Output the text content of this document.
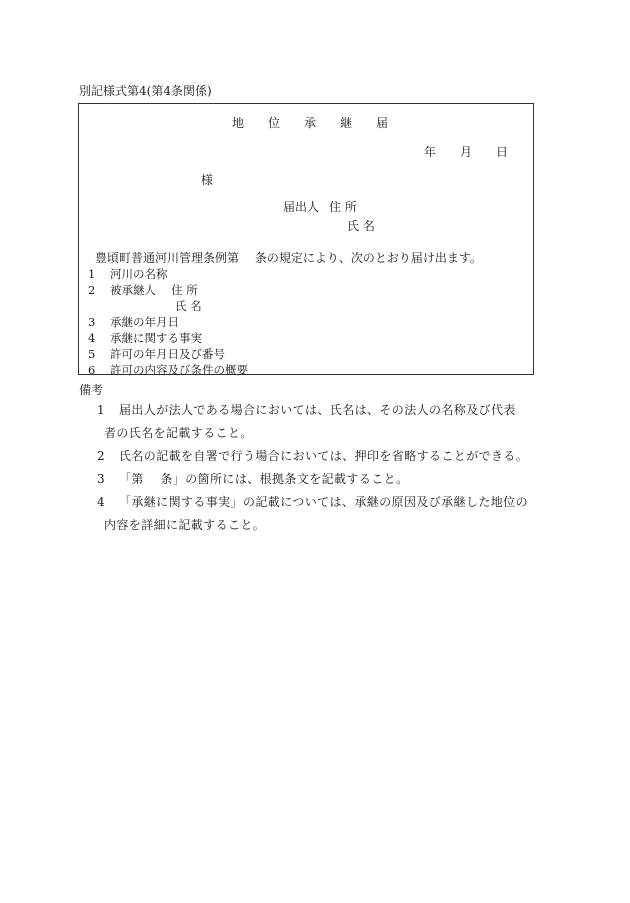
別記様式第4(第4条関係)
地 位 承 継 届
年 月 日
様
届出人 住 所
氏 名
豊頃町普通河川管理条例第　 条の規定により、次のとおり届け出ます。
1 河川の名称
2 被承継人　 住 所
氏 名
3 承継の年月日
4 承継に関する事実
5 許可の年月日及び番号
6 許可の内容及び条件の概要
備考
1 届出人が法人である場合においては、氏名は、その法人の名称及び代表
者の氏名を記載すること。
2 氏名の記載を自署で行う場合においては、押印を省略することができる。
3 「第　 条」の箇所には、根拠条文を記載すること。
4 「承継に関する事実」の記載については、承継の原因及び承継した地位の
内容を詳細に記載すること。
